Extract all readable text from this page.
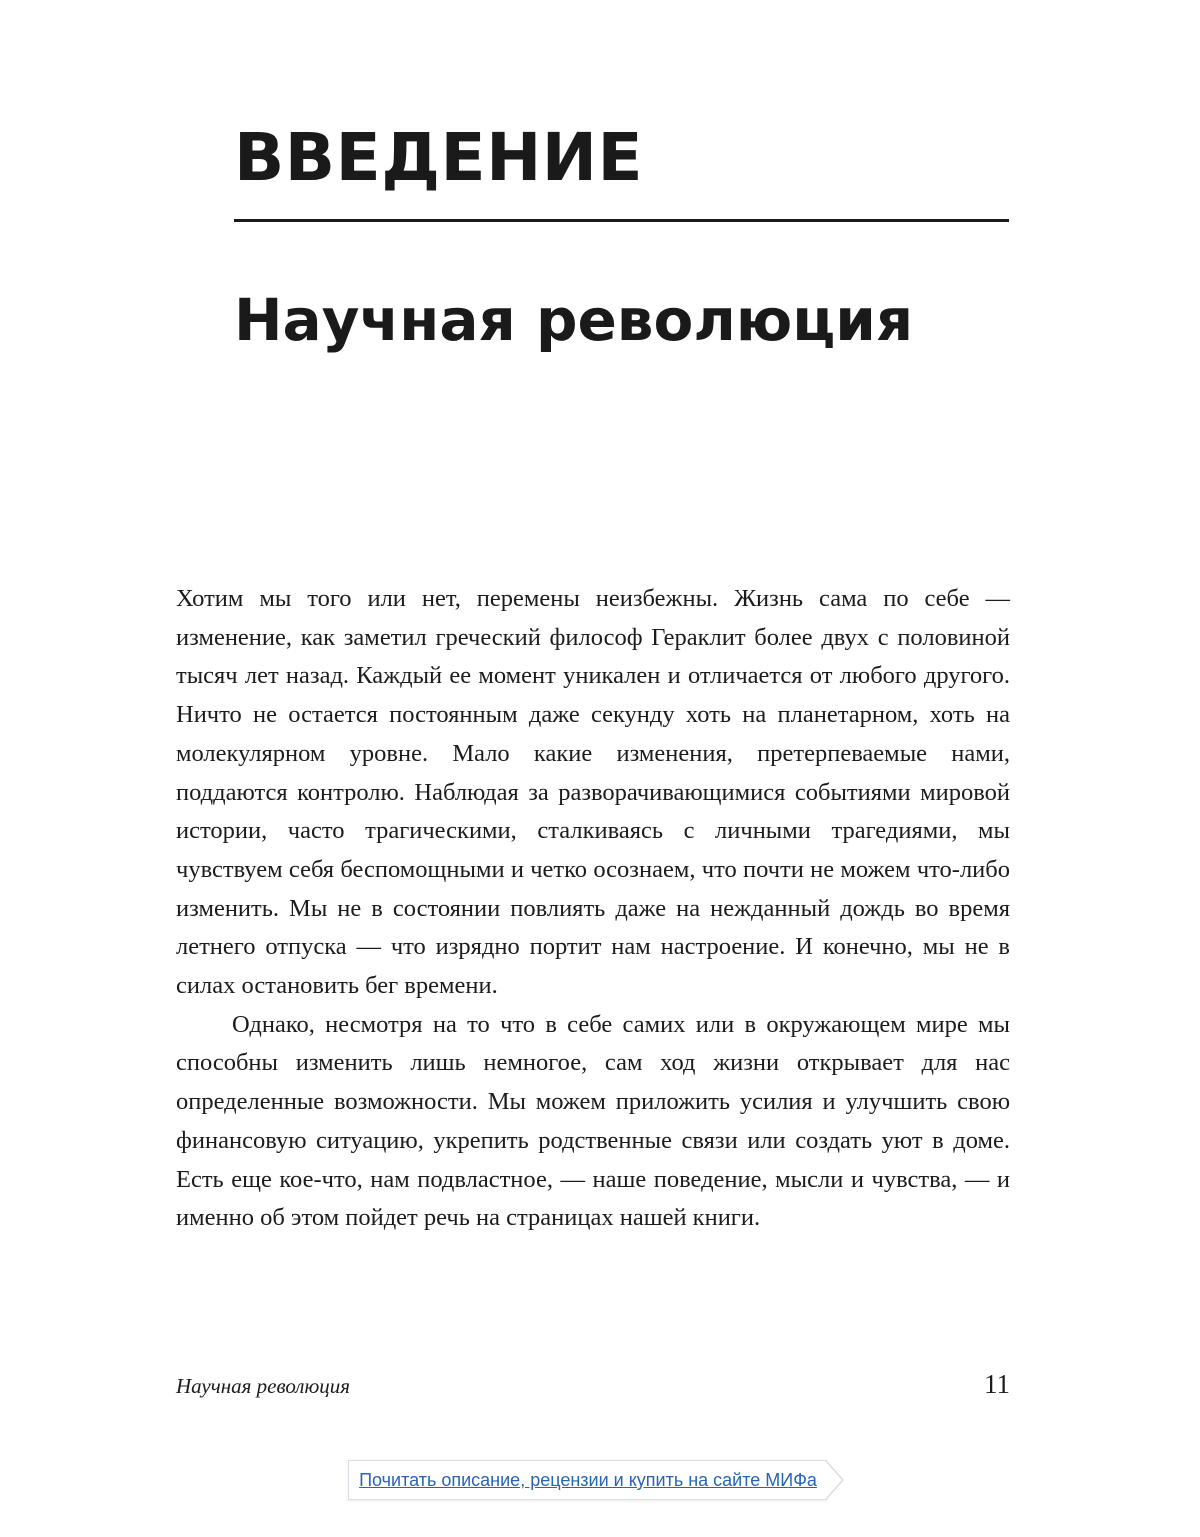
ВВЕДЕНИЕ
Научная революция

Хотим мы того или нет, перемены неизбежны. Жизнь сама по себе — изменение, как заметил греческий философ Гераклит более двух с половиной тысяч лет назад. Каждый ее момент уникален и отличается от любого другого. Ничто не остается постоянным даже секунду хоть на планетарном, хоть на молекулярном уровне. Мало какие изменения, претерпеваемые нами, поддаются контролю. Наблюдая за разворачивающимися событиями мировой истории, часто трагическими, сталкиваясь с личными трагедиями, мы чувствуем себя беспомощными и четко осознаем, что почти не можем что-либо изменить. Мы не в состоянии повлиять даже на нежданный дождь во время летнего отпуска — что изрядно портит нам настроение. И конечно, мы не в силах остановить бег времени.

Однако, несмотря на то что в себе самих или в окружающем мире мы способны изменить лишь немногое, сам ход жизни открывает для нас определенные возможности. Мы можем приложить усилия и улучшить свою финансовую ситуацию, укрепить родственные связи или создать уют в доме. Есть еще кое-что, нам подвластное, — наше поведение, мысли и чувства, — и именно об этом пойдет речь на страницах нашей книги.

Научная революция	11
Почитать описание, рецензии и купить на сайте МИФа
